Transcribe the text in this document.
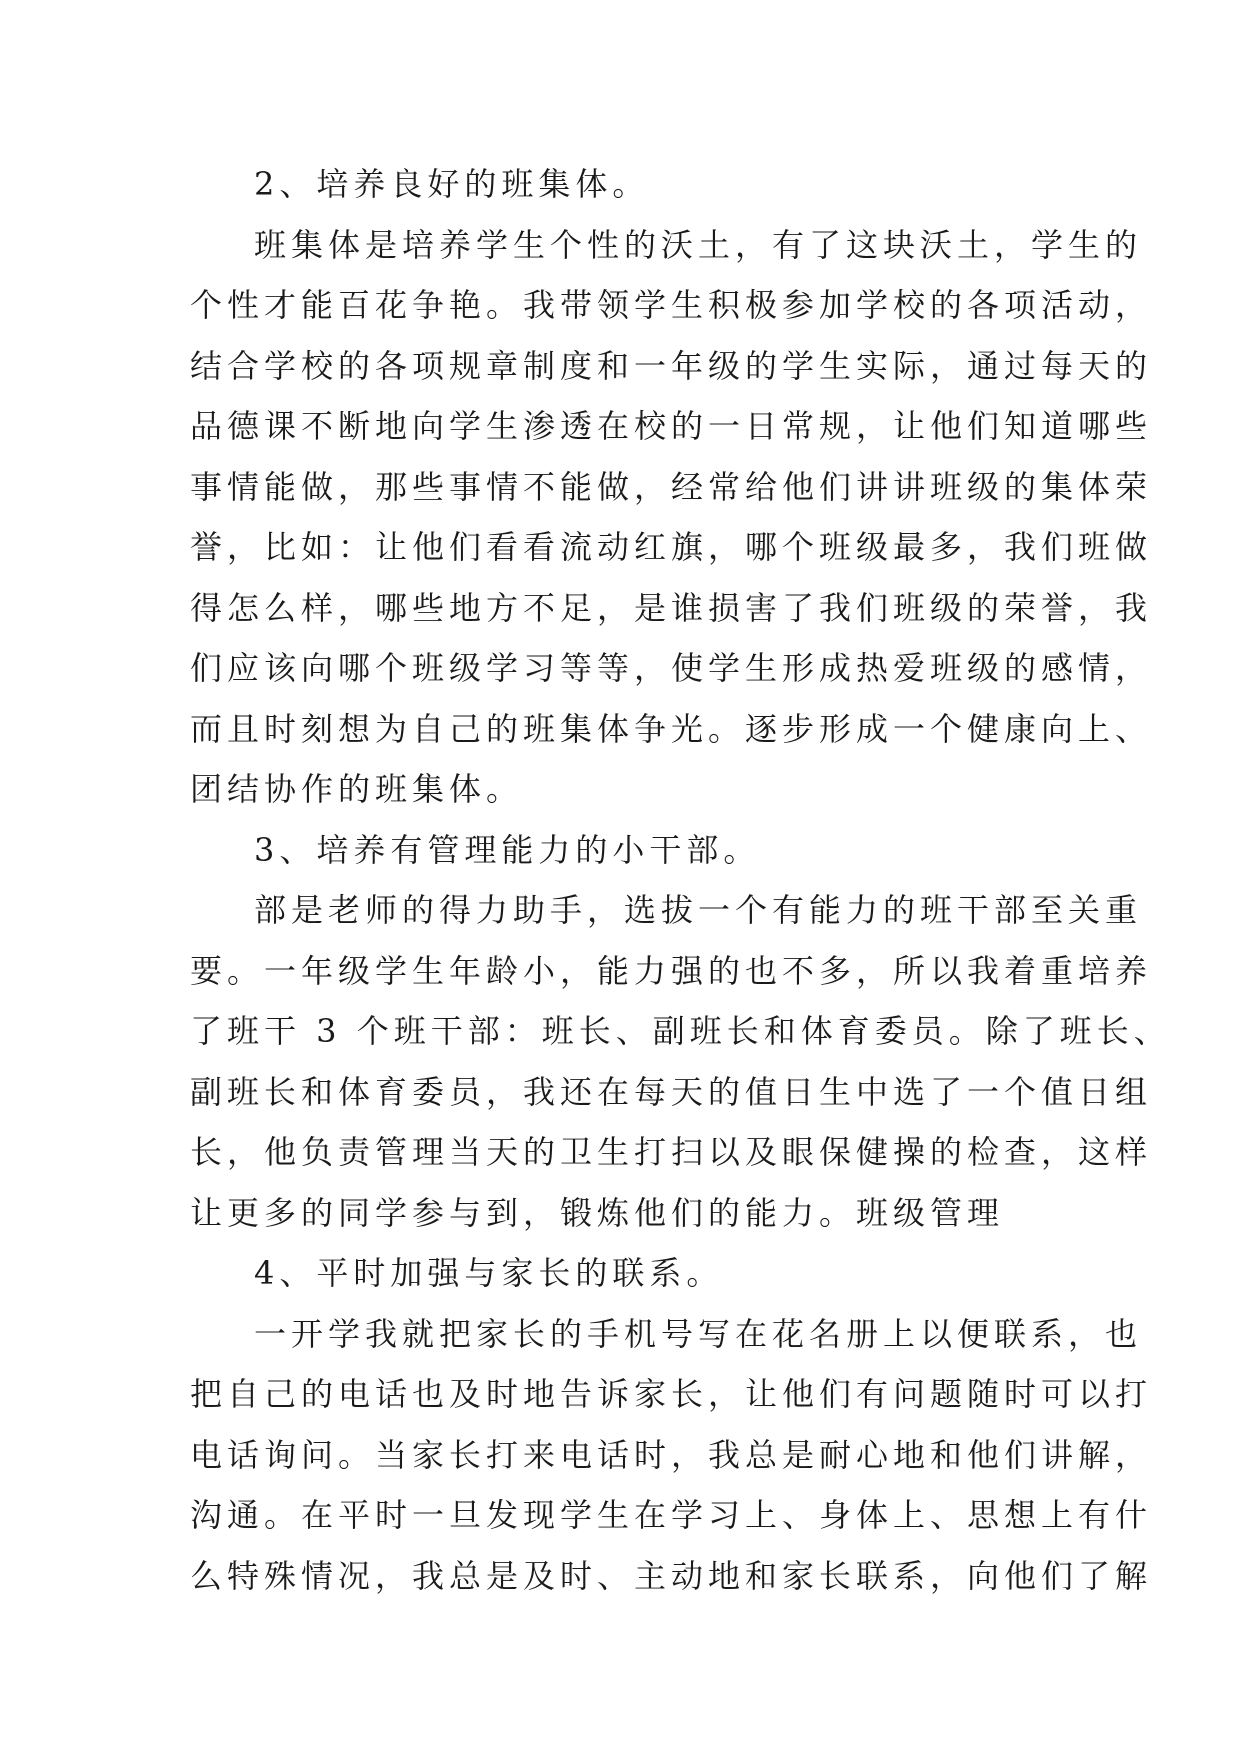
2、培养良好的班集体。

班集体是培养学生个性的沃土，有了这块沃土，学生的

个性才能百花争艳。我带领学生积极参加学校的各项活动，

结合学校的各项规章制度和一年级的学生实际，通过每天的

品德课不断地向学生渗透在校的一日常规，让他们知道哪些

事情能做，那些事情不能做，经常给他们讲讲班级的集体荣

誉，比如：让他们看看流动红旗，哪个班级最多，我们班做

得怎么样，哪些地方不足，是谁损害了我们班级的荣誉，我

们应该向哪个班级学习等等，使学生形成热爱班级的感情，

而且时刻想为自己的班集体争光。逐步形成一个健康向上、

团结协作的班集体。

3、培养有管理能力的小干部。

部是老师的得力助手，选拔一个有能力的班干部至关重

要。一年级学生年龄小，能力强的也不多，所以我着重培养

了班干 3 个班干部：班长、副班长和体育委员。除了班长、

副班长和体育委员，我还在每天的值日生中选了一个值日组

长，他负责管理当天的卫生打扫以及眼保健操的检查，这样

让更多的同学参与到，锻炼他们的能力。班级管理

4、平时加强与家长的联系。

一开学我就把家长的手机号写在花名册上以便联系，也

把自己的电话也及时地告诉家长，让他们有问题随时可以打

电话询问。当家长打来电话时，我总是耐心地和他们讲解，

沟通。在平时一旦发现学生在学习上、身体上、思想上有什

么特殊情况，我总是及时、主动地和家长联系，向他们了解
